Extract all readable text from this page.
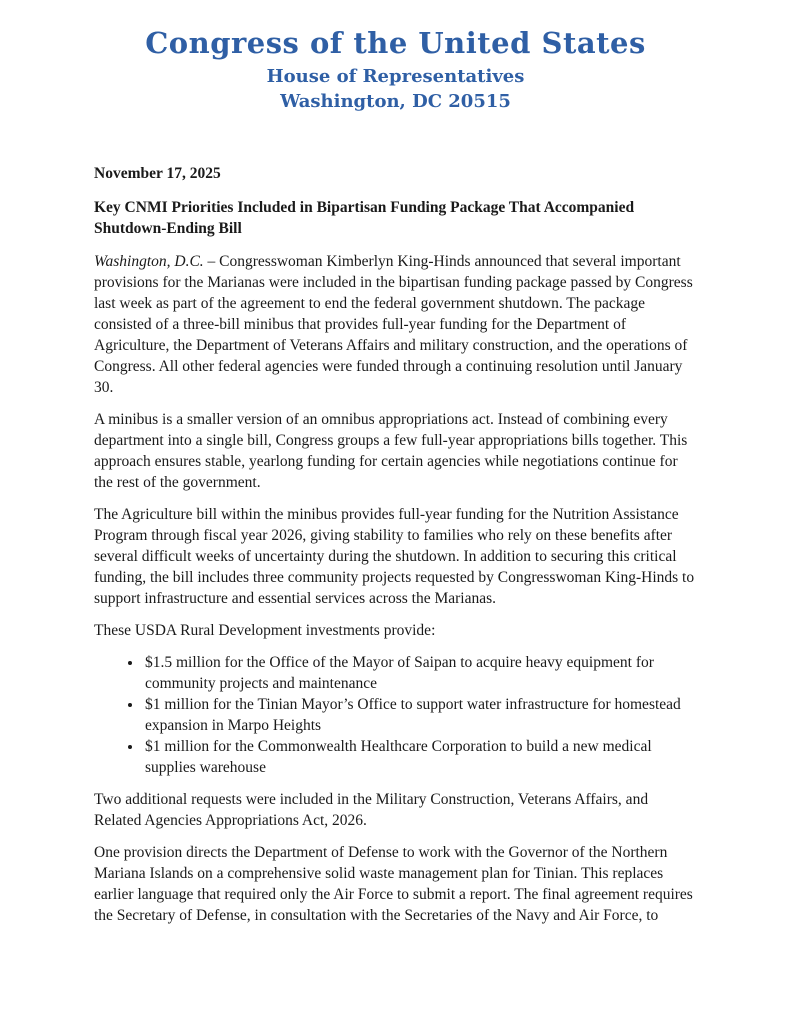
Congress of the United States
House of Representatives
Washington, DC 20515

November 17, 2025

Key CNMI Priorities Included in Bipartisan Funding Package That Accompanied Shutdown-Ending Bill

Washington, D.C. – Congresswoman Kimberlyn King-Hinds announced that several important provisions for the Marianas were included in the bipartisan funding package passed by Congress last week as part of the agreement to end the federal government shutdown. The package consisted of a three-bill minibus that provides full-year funding for the Department of Agriculture, the Department of Veterans Affairs and military construction, and the operations of Congress. All other federal agencies were funded through a continuing resolution until January 30.

A minibus is a smaller version of an omnibus appropriations act. Instead of combining every department into a single bill, Congress groups a few full-year appropriations bills together. This approach ensures stable, yearlong funding for certain agencies while negotiations continue for the rest of the government.

The Agriculture bill within the minibus provides full-year funding for the Nutrition Assistance Program through fiscal year 2026, giving stability to families who rely on these benefits after several difficult weeks of uncertainty during the shutdown. In addition to securing this critical funding, the bill includes three community projects requested by Congresswoman King-Hinds to support infrastructure and essential services across the Marianas.

These USDA Rural Development investments provide:

• $1.5 million for the Office of the Mayor of Saipan to acquire heavy equipment for community projects and maintenance
• $1 million for the Tinian Mayor’s Office to support water infrastructure for homestead expansion in Marpo Heights
• $1 million for the Commonwealth Healthcare Corporation to build a new medical supplies warehouse

Two additional requests were included in the Military Construction, Veterans Affairs, and Related Agencies Appropriations Act, 2026.

One provision directs the Department of Defense to work with the Governor of the Northern Mariana Islands on a comprehensive solid waste management plan for Tinian. This replaces earlier language that required only the Air Force to submit a report. The final agreement requires the Secretary of Defense, in consultation with the Secretaries of the Navy and Air Force, to
